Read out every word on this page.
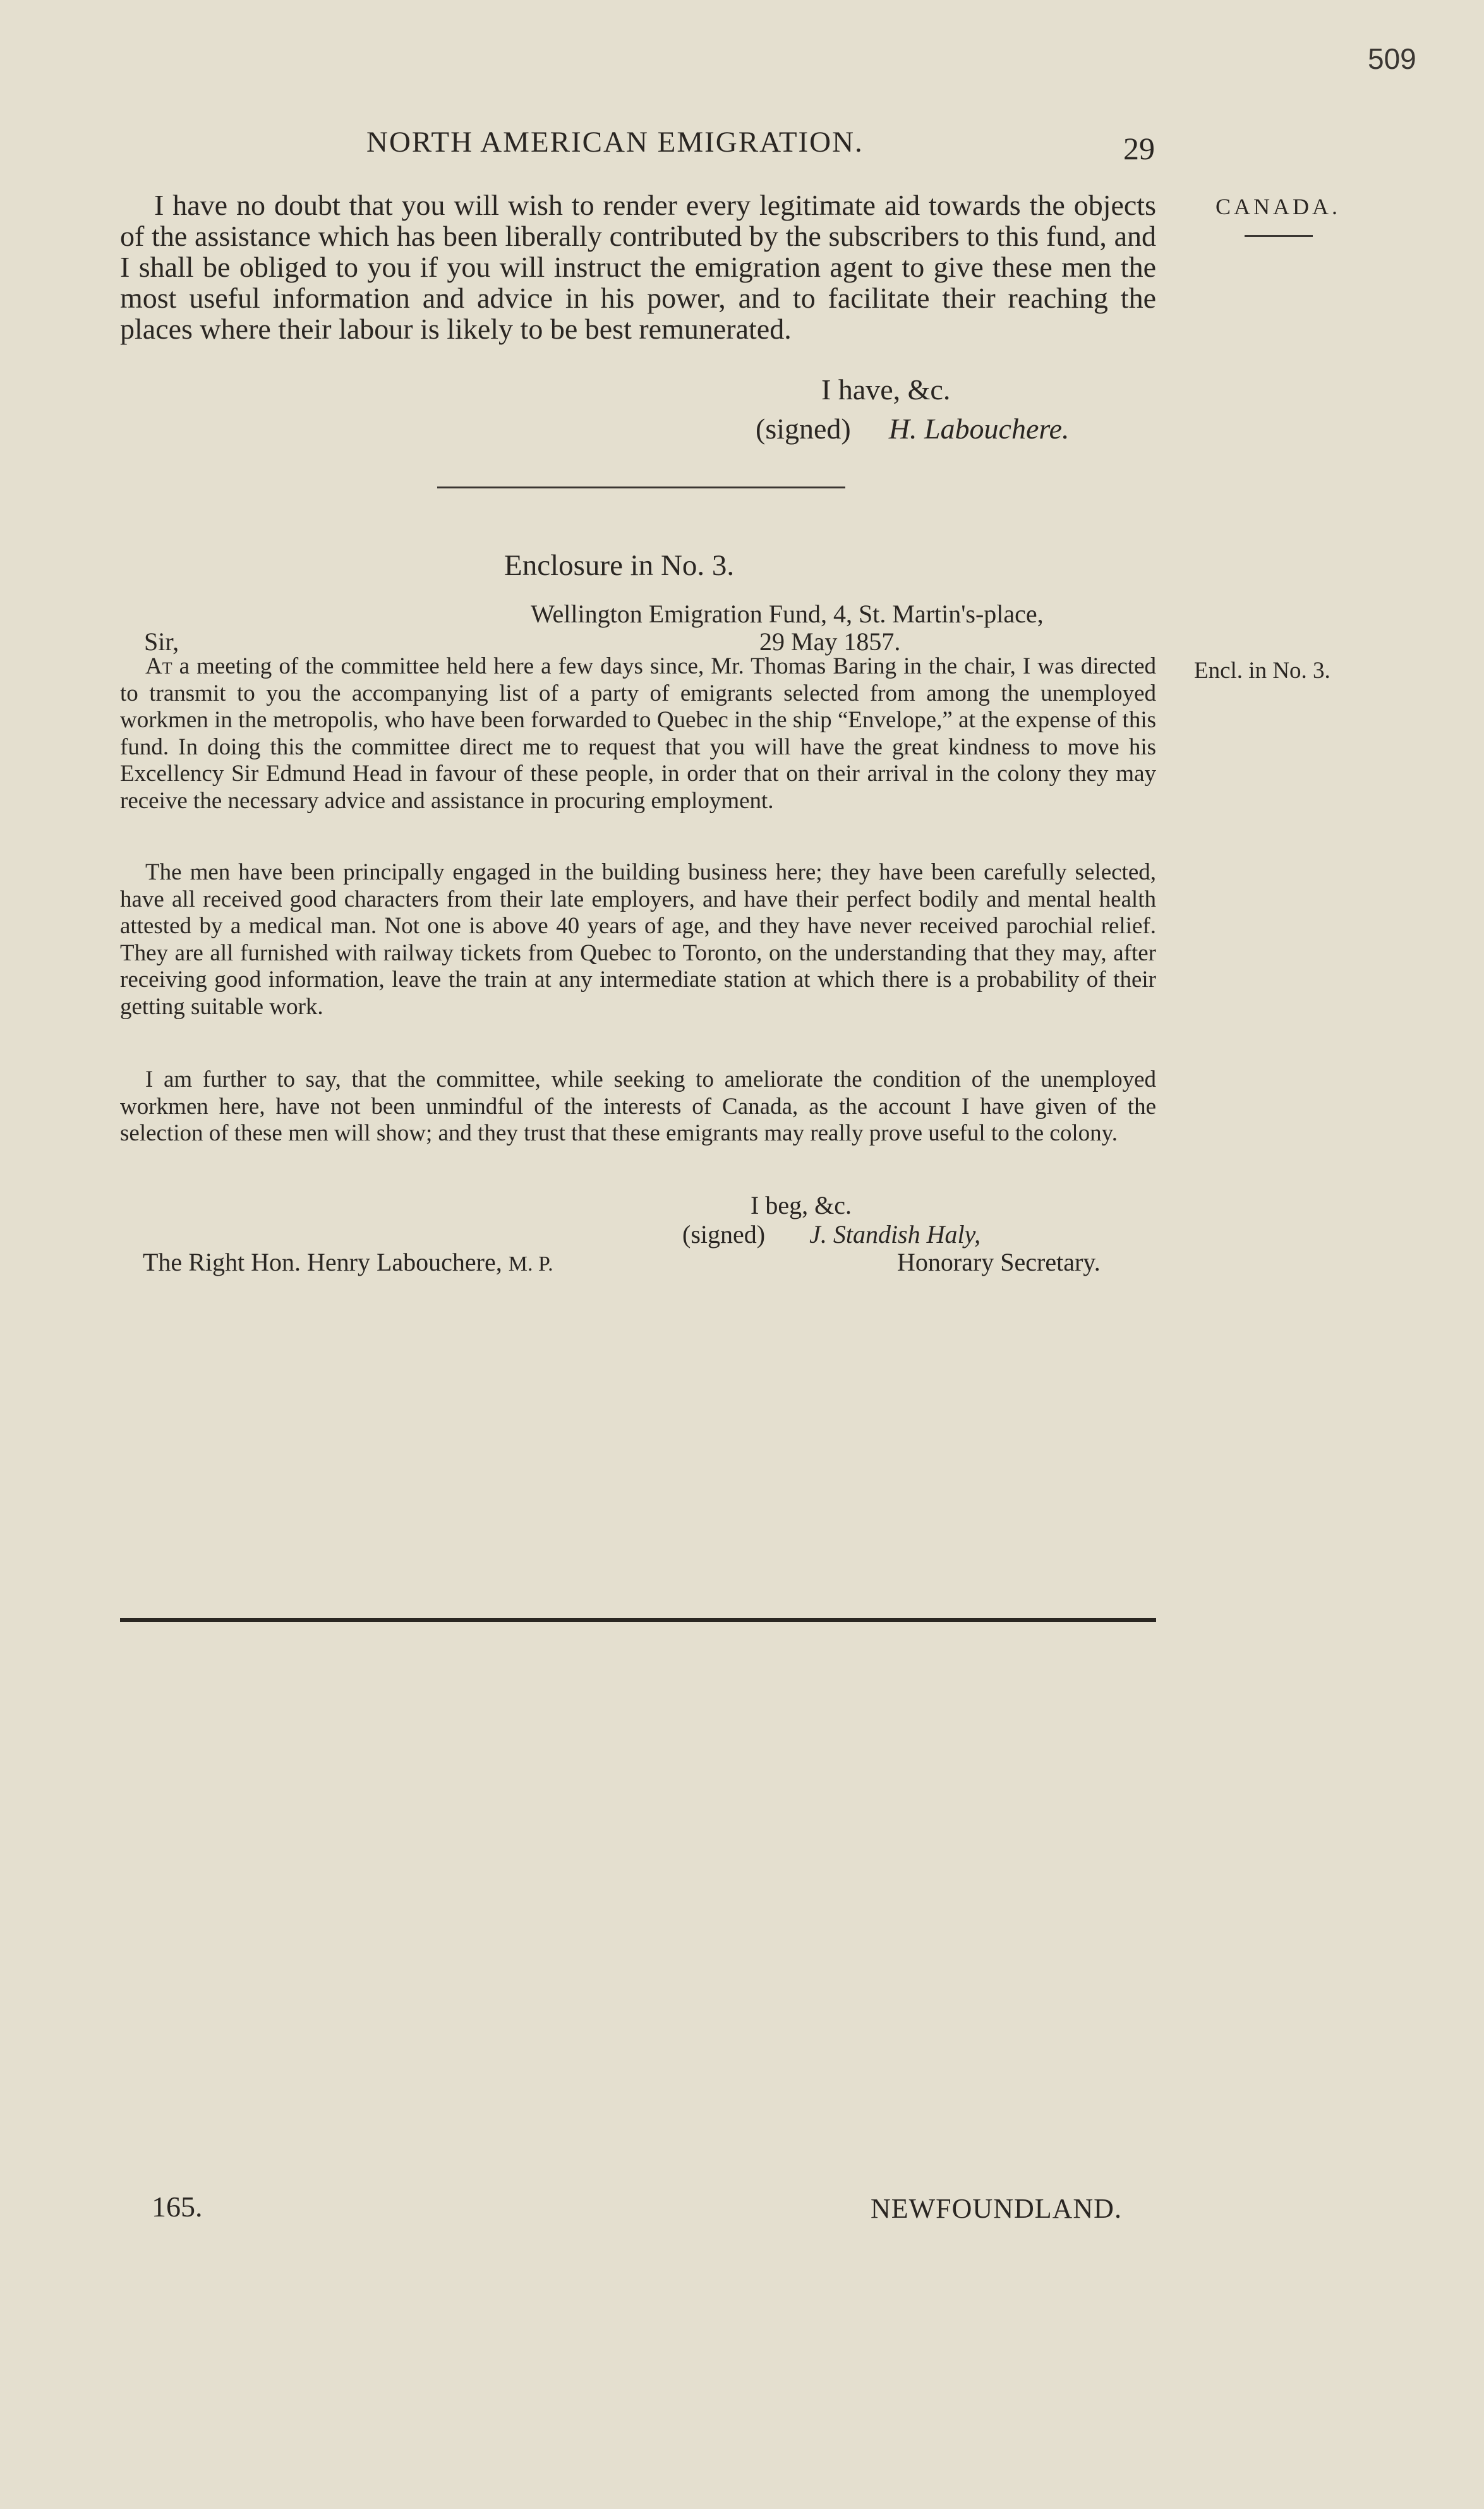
509
NORTH AMERICAN EMIGRATION.	29
CANADA.
I have no doubt that you will wish to render every legitimate aid towards the objects of the assistance which has been liberally contributed by the subscribers to this fund, and I shall be obliged to you if you will instruct the emigration agent to give these men the most useful information and advice in his power, and to facilitate their reaching the places where their labour is likely to be best remunerated.
I have, &c.
(signed) H. Labouchere.
Enclosure in No. 3.
Wellington Emigration Fund, 4, St. Martin's-place,
Sir,	29 May 1857.
Encl. in No. 3.
At a meeting of the committee held here a few days since, Mr. Thomas Baring in the chair, I was directed to transmit to you the accompanying list of a party of emigrants selected from among the unemployed workmen in the metropolis, who have been forwarded to Quebec in the ship “Envelope,” at the expense of this fund. In doing this the committee direct me to request that you will have the great kindness to move his Excellency Sir Edmund Head in favour of these people, in order that on their arrival in the colony they may receive the necessary advice and assistance in procuring employment.
The men have been principally engaged in the building business here; they have been carefully selected, have all received good characters from their late employers, and have their perfect bodily and mental health attested by a medical man. Not one is above 40 years of age, and they have never received parochial relief. They are all furnished with railway tickets from Quebec to Toronto, on the understanding that they may, after receiving good information, leave the train at any intermediate station at which there is a probability of their getting suitable work.
I am further to say, that the committee, while seeking to ameliorate the condition of the unemployed workmen here, have not been unmindful of the interests of Canada, as the account I have given of the selection of these men will show; and they trust that these emigrants may really prove useful to the colony.
I beg, &c.
(signed) J. Standish Haly,
The Right Hon. Henry Labouchere, M. P.	Honorary Secretary.
165.	NEWFOUNDLAND.
